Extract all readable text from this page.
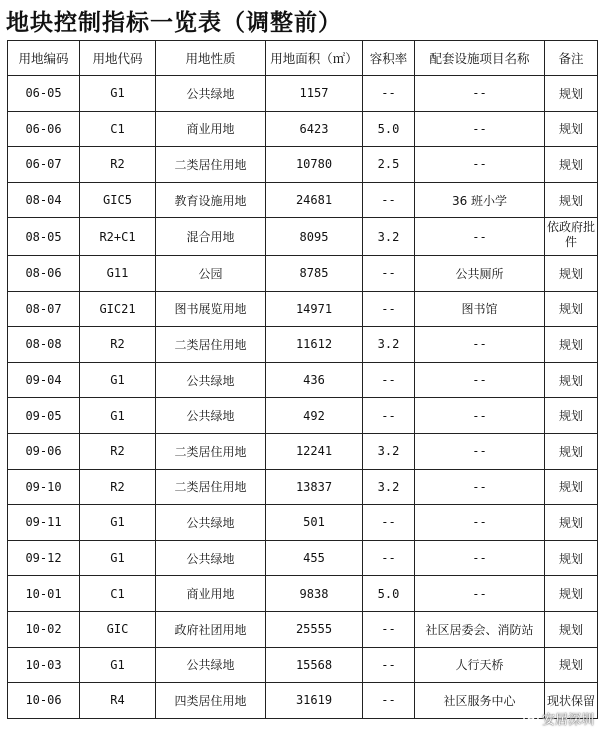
地块控制指标一览表（调整前）
用地编码	用地代码	用地性质	用地面积（㎡）	容积率	配套设施项目名称	备注
06-05	G1	公共绿地	1157	--	--	规划
06-06	C1	商业用地	6423	5.0	--	规划
06-07	R2	二类居住用地	10780	2.5	--	规划
08-04	GIC5	教育设施用地	24681	--	36 班小学	规划
08-05	R2+C1	混合用地	8095	3.2	--	依政府批件
08-06	G11	公园	8785	--	公共厕所	规划
08-07	GIC21	图书展览用地	14971	--	图书馆	规划
08-08	R2	二类居住用地	11612	3.2	--	规划
09-04	G1	公共绿地	436	--	--	规划
09-05	G1	公共绿地	492	--	--	规划
09-06	R2	二类居住用地	12241	3.2	--	规划
09-10	R2	二类居住用地	13837	3.2	--	规划
09-11	G1	公共绿地	501	--	--	规划
09-12	G1	公共绿地	455	--	--	规划
10-01	C1	商业用地	9838	5.0	--	规划
10-02	GIC	政府社团用地	25555	--	社区居委会、消防站	规划
10-03	G1	公共绿地	15568	--	人行天桥	规划
10-06	R4	四类居住用地	31619	--	社区服务中心	现状保留
安居深圳
